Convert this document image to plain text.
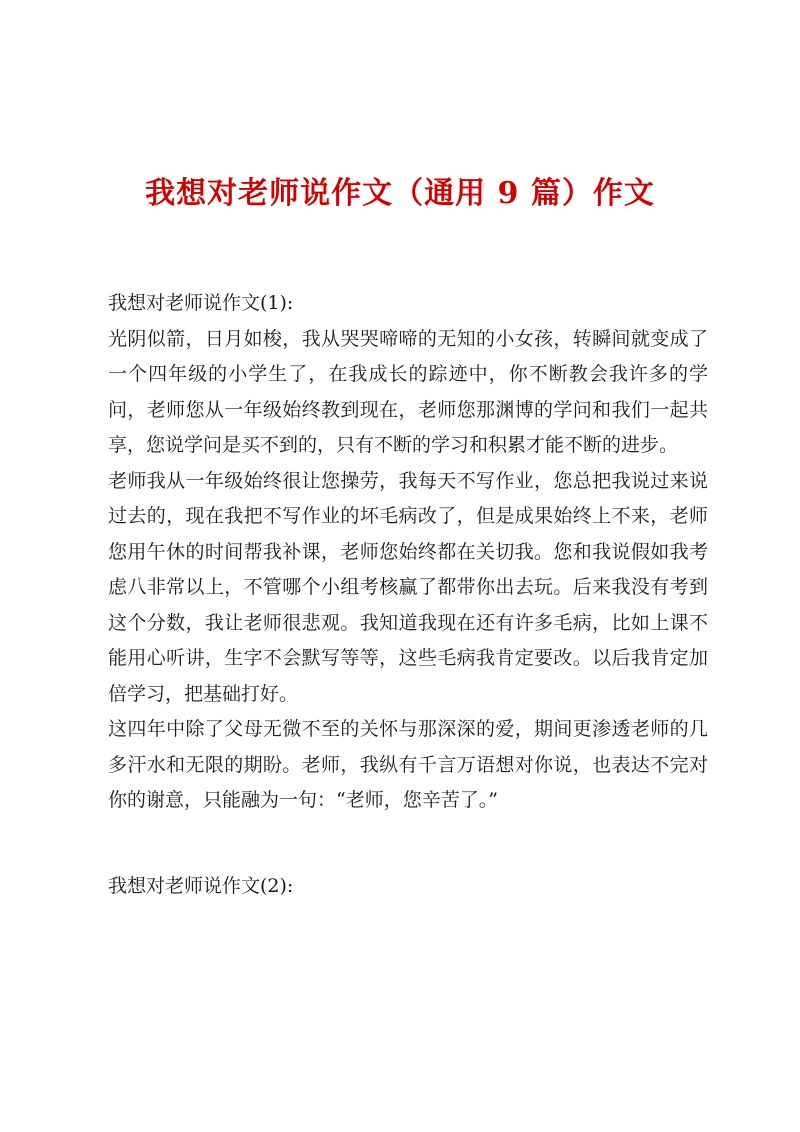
我想对老师说作文（通用 9 篇）作文

我想对老师说作文(1):

光阴似箭，日月如梭，我从哭哭啼啼的无知的小女孩，转瞬间就变成了一个四年级的小学生了，在我成长的踪迹中，你不断教会我许多的学问，老师您从一年级始终教到现在，老师您那渊博的学问和我们一起共享，您说学问是买不到的，只有不断的学习和积累才能不断的进步。

老师我从一年级始终很让您操劳，我每天不写作业，您总把我说过来说过去的，现在我把不写作业的坏毛病改了，但是成果始终上不来，老师您用午休的时间帮我补课，老师您始终都在关切我。您和我说假如我考虑八非常以上，不管哪个小组考核赢了都带你出去玩。后来我没有考到这个分数，我让老师很悲观。我知道我现在还有许多毛病，比如上课不能用心听讲，生字不会默写等等，这些毛病我肯定要改。以后我肯定加倍学习，把基础打好。

这四年中除了父母无微不至的关怀与那深深的爱，期间更渗透老师的几多汗水和无限的期盼。老师，我纵有千言万语想对你说，也表达不完对你的谢意，只能融为一句：“老师，您辛苦了。”

我想对老师说作文(2):
